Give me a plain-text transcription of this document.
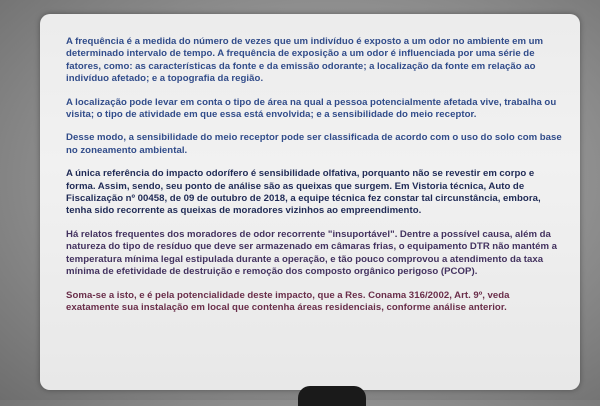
A frequência é a medida do número de vezes que um indivíduo é exposto a um odor no ambiente em um determinado intervalo de tempo. A frequência de exposição a um odor é influenciada por uma série de fatores, como: as características da fonte e da emissão odorante; a localização da fonte em relação ao indivíduo afetado; e a topografia da região.

A localização pode levar em conta o tipo de área na qual a pessoa potencialmente afetada vive, trabalha ou visita; o tipo de atividade em que essa está envolvida; e a sensibilidade do meio receptor.

Desse modo, a sensibilidade do meio receptor pode ser classificada de acordo com o uso do solo com base no zoneamento ambiental.

A única referência do impacto odorífero é sensibilidade olfativa, porquanto não se revestir em corpo e forma. Assim, sendo, seu ponto de análise são as queixas que surgem. Em Vistoria técnica, Auto de Fiscalização nº 00458, de 09 de outubro de 2018, a equipe técnica fez constar tal circunstância, embora, tenha sido recorrente as queixas de moradores vizinhos ao empreendimento.

Há relatos frequentes dos moradores de odor recorrente "insuportável". Dentre a possível causa, além da natureza do tipo de resíduo que deve ser armazenado em câmaras frias, o equipamento DTR não mantém a temperatura mínima legal estipulada durante a operação, e tão pouco comprovou a atendimento da taxa mínima de efetividade de destruição e remoção dos composto orgânico perigoso (PCOP).

Soma-se a isto, e é pela potencialidade deste impacto, que a Res. Conama 316/2002, Art. 9º, veda exatamente sua instalação em local que contenha áreas residenciais, conforme análise anterior.
